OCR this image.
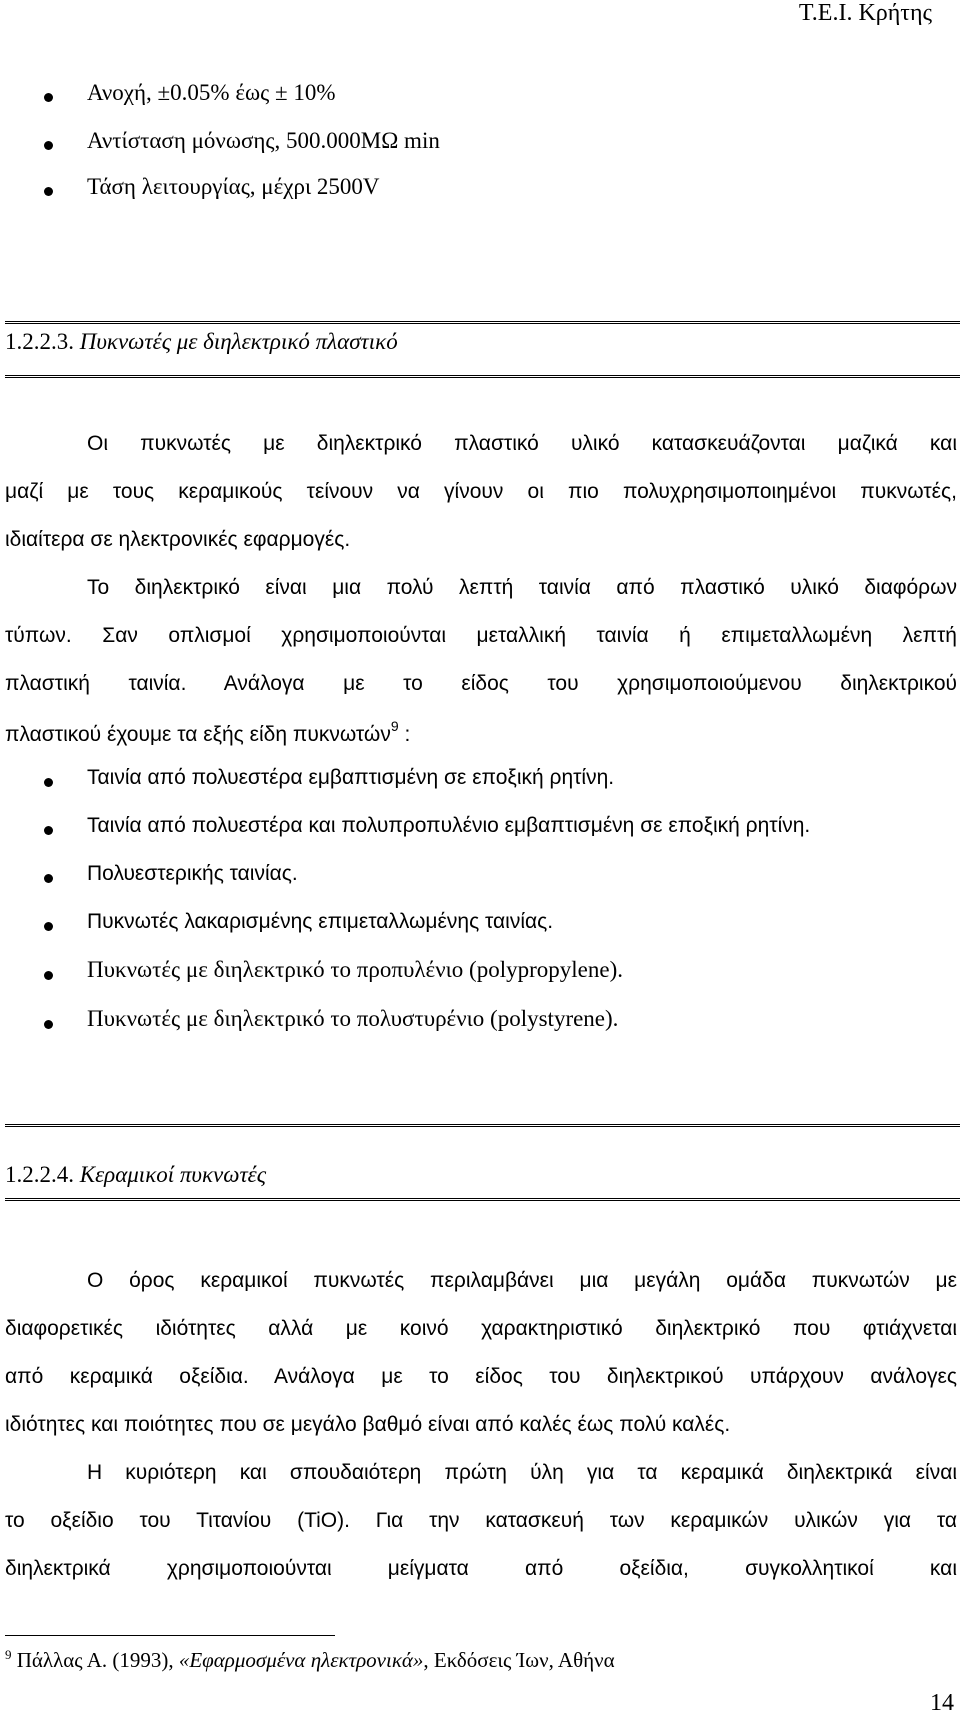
Τ.Ε.Ι. Κρήτης
Ανοχή, ±0.05% έως ± 10%
Αντίσταση μόνωσης, 500.000MΩ min
Τάση λειτουργίας, μέχρι 2500V
1.2.2.3. Πυκνωτές με διηλεκτρικό πλαστικό
Οι πυκνωτές με διηλεκτρικό πλαστικό υλικό κατασκευάζονται μαζικά και
μαζί με τους κεραμικούς τείνουν να γίνουν οι πιο πολυχρησιμοποιημένοι πυκνωτές,
ιδιαίτερα σε ηλεκτρονικές εφαρμογές.
Το διηλεκτρικό είναι μια πολύ λεπτή ταινία από πλαστικό υλικό διαφόρων
τύπων. Σαν οπλισμοί χρησιμοποιούνται μεταλλική ταινία ή επιμεταλλωμένη λεπτή
πλαστική ταινία. Ανάλογα με το είδος του χρησιμοποιούμενου διηλεκτρικού
πλαστικού έχουμε τα εξής είδη πυκνωτών$^9$ :
Ταινία από πολυεστέρα εμβαπτισμένη σε εποξική ρητίνη.
Ταινία από πολυεστέρα και πολυπροπυλένιο εμβαπτισμένη σε εποξική ρητίνη.
Πολυεστερικής ταινίας.
Πυκνωτές λακαρισμένης επιμεταλλωμένης ταινίας.
Πυκνωτές με διηλεκτρικό το προπυλένιο (polypropylene).
Πυκνωτές με διηλεκτρικό το πολυστυρένιο (polystyrene).
1.2.2.4. Κεραμικοί πυκνωτές
Ο όρος κεραμικοί πυκνωτές περιλαμβάνει μια μεγάλη ομάδα πυκνωτών με
διαφορετικές ιδιότητες αλλά με κοινό χαρακτηριστικό διηλεκτρικό που φτιάχνεται
από κεραμικά οξείδια. Ανάλογα με το είδος του διηλεκτρικού υπάρχουν ανάλογες
ιδιότητες και ποιότητες που σε μεγάλο βαθμό είναι από καλές έως πολύ καλές.
Η κυριότερη και σπουδαιότερη πρώτη ύλη για τα κεραμικά διηλεκτρικά είναι
το οξείδιο του Τιτανίου (TiO). Για την κατασκευή των κεραμικών υλικών για τα
διηλεκτρικά χρησιμοποιούνται μείγματα από οξείδια, συγκολλητικοί και
$^9$ Πάλλας Α. (1993), «Εφαρμοσμένα ηλεκτρονικά», Εκδόσεις Ίων, Αθήνα
14
